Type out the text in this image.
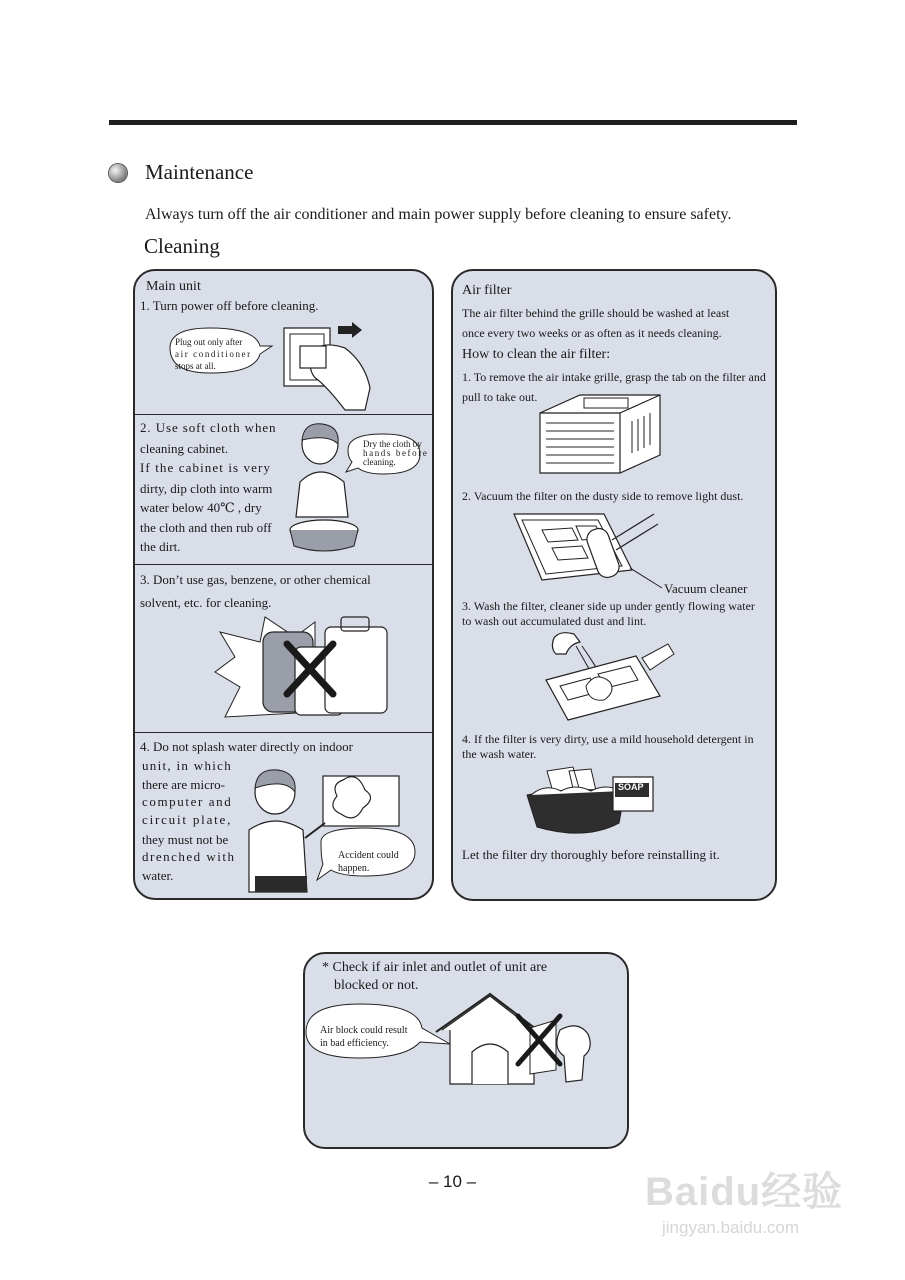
Maintenance
Always turn off the air conditioner and main power supply before cleaning to ensure safety.
Cleaning
Main unit
1. Turn power off before cleaning.
Plug out only after
air conditioner
stops at all.
2. Use soft cloth when
cleaning cabinet.
If the cabinet is very
dirty, dip cloth into warm
water below 40℃ , dry
the cloth and then rub off
the dirt.
Dry the cloth by
hands before
cleaning.
3. Don’t use gas, benzene, or other chemical
solvent, etc. for cleaning.
4. Do not splash water directly on indoor
unit, in which
there are micro-
computer and
circuit plate,
they must not be
drenched with
water.
Accident could
happen.
Air filter
The air filter behind the grille should be washed at least
once every two weeks or as often as it needs cleaning.
How to clean the air filter:
1. To remove the air intake grille, grasp the tab on the filter and
pull to take out.
2. Vacuum the filter on the dusty side to remove light dust.
Vacuum cleaner
3. Wash the filter, cleaner side up under gently flowing water
to wash out accumulated dust and lint.
4. If the filter is very dirty, use a mild household detergent in
the wash water.
SOAP
Let the filter dry thoroughly before reinstalling it.
* Check if air inlet and outlet of unit are
blocked or not.
Air block could result
in bad efficiency.
– 10 –	Baidu经验
jingyan.baidu.com
